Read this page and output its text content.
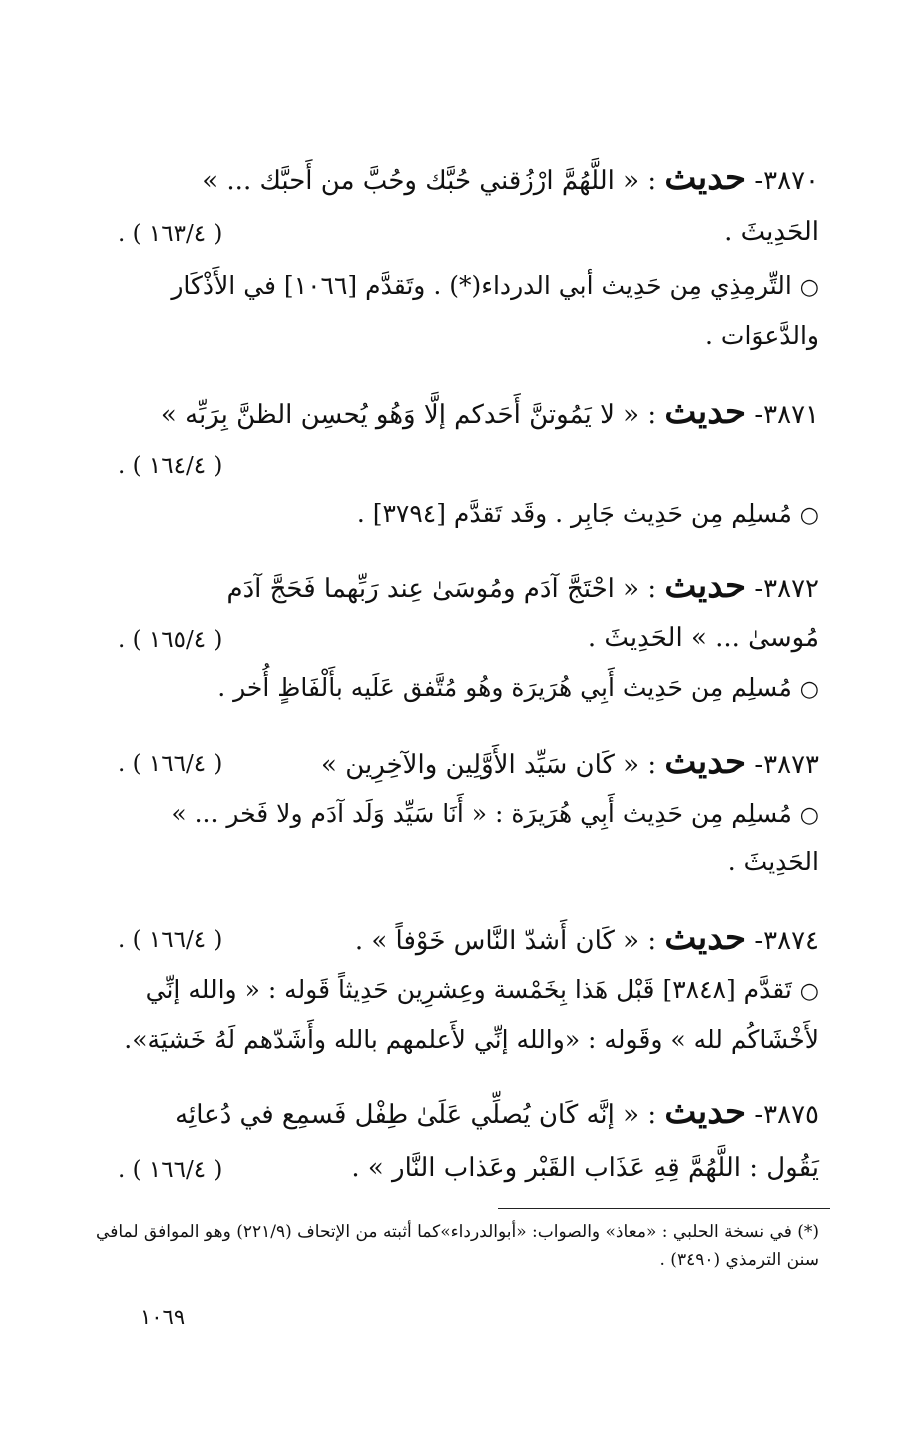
٣٨٧٠- حديث : « اللَّهُمَّ ارْزُقني حُبَّك وحُبَّ من أَحبَّك ... »
الحَدِيثَ .
( ١٦٣/٤ ) .
○ التِّرمِذِي مِن حَدِيث أبي الدرداء(*) . وتَقدَّم [١٠٦٦] في الأَذْكَار
والدَّعوَات .
٣٨٧١- حديث : « لا يَمُوتنَّ أَحَدكم إلَّا وَهُو يُحسِن الظنَّ بِرَبِّه »
( ١٦٤/٤ ) .
○ مُسلِم مِن حَدِيث جَابِر . وقَد تَقدَّم [٣٧٩٤] .
٣٨٧٢- حديث : « احْتَجَّ آدَم ومُوسَىٰ عِند رَبِّهما فَحَجَّ آدَم
مُوسىٰ ... » الحَدِيثَ .
( ١٦٥/٤ ) .
○ مُسلِم مِن حَدِيث أَبِي هُرَيرَة وهُو مُتَّفق عَلَيه بأَلْفَاظٍ أُخر .
٣٨٧٣- حديث : « كَان سَيِّد الأَوَّلِين والآخِرِين »
( ١٦٦/٤ ) .
○ مُسلِم مِن حَدِيث أَبِي هُرَيرَة : « أَنَا سَيِّد وَلَد آدَم ولا فَخر ... »
الحَدِيثَ .
٣٨٧٤- حديث : « كَان أَشدّ النَّاس خَوْفاً » .
( ١٦٦/٤ ) .
○ تَقدَّم [٣٨٤٨] قَبْل هَذا بِخَمْسة وعِشرِين حَدِيثاً قَوله : « والله إنِّي
لأَخْشَاكُم لله » وقَوله : «والله إنِّي لأَعلمهم بالله وأَشَدّهم لَهُ خَشيَة».
٣٨٧٥- حديث : « إنَّه كَان يُصلِّي عَلَىٰ طِفْل فَسمِع في دُعائِه
يَقُول : اللَّهُمَّ قِهِ عَذَاب القَبْر وعَذاب النَّار » .
( ١٦٦/٤ ) .
(*) في نسخة الحلبي : «معاذ» والصواب: «أبوالدرداء»كما أثبته من الإتحاف (٢٢١/٩) وهو الموافق لمافي
سنن الترمذي (٣٤٩٠) .
١٠٦٩
